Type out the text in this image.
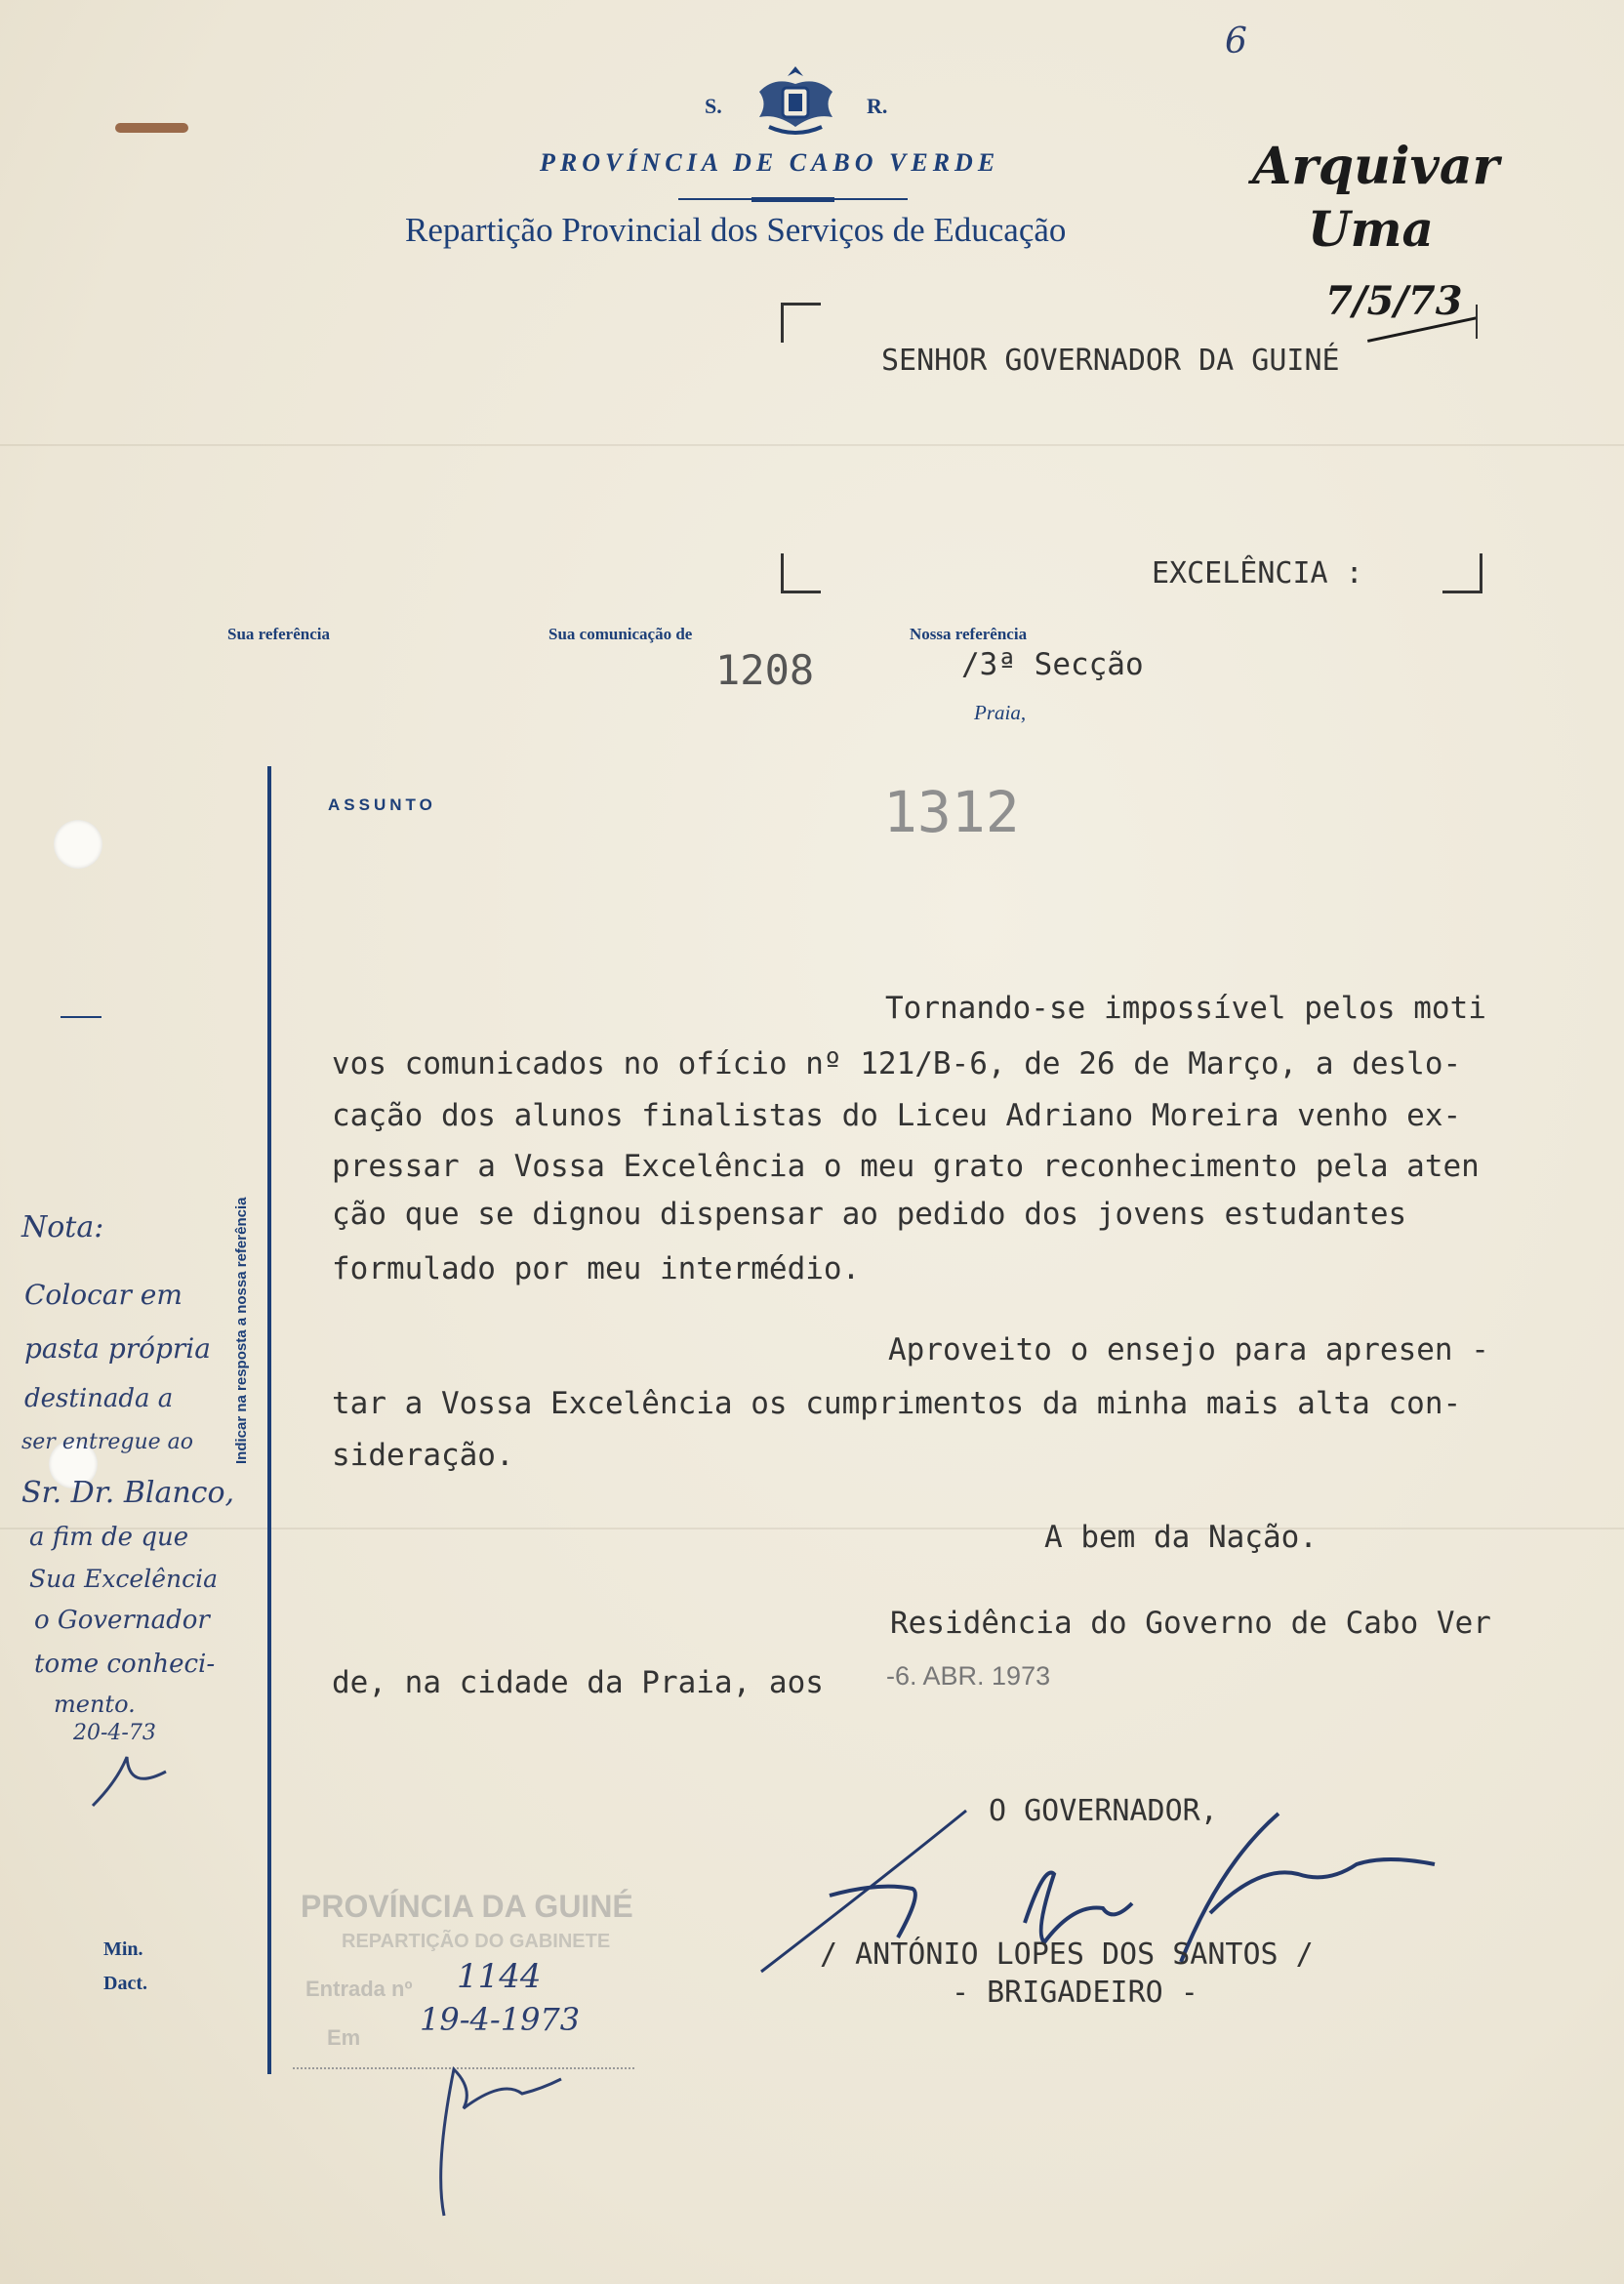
6
S.	R.
PROVÍNCIA DE CABO VERDE
Repartição Provincial dos Serviços de Educação
Arquivar
Uma
7/5/73
SENHOR GOVERNADOR DA GUINÉ
EXCELÊNCIA :
Sua referência	Sua comunicação de
1208
Nossa referência
/3ª Secção
Praia,
Indicar na resposta a nossa referência
ASSUNTO	1312
Tornando-se impossível pelos moti
vos comunicados no ofício nº 121/B-6, de 26 de Março, a deslo-
cação dos alunos finalistas do Liceu Adriano Moreira venho ex-
pressar a Vossa Excelência o meu grato reconhecimento pela aten
ção que se dignou dispensar ao pedido dos jovens estudantes
formulado por meu intermédio.
Aproveito o ensejo para apresen -
tar a Vossa Excelência os cumprimentos da minha mais alta con-
sideração.
A bem da Nação.
Residência do Governo de Cabo Ver
de, na cidade da Praia, aos	-6. ABR. 1973
O GOVERNADOR,
/ ANTÓNIO LOPES DOS SANTOS /
- BRIGADEIRO -
Nota:
Colocar em
pasta própria
destinada a
ser entregue ao
Sr. Dr. Blanco,
a fim de que
Sua Excelência
o Governador
tome conheci-
mento.
20-4-73
Min.
Dact.
PROVÍNCIA DA GUINÉ
REPARTIÇÃO DO GABINETE
Entrada nº 1144
Em 19-4-1973
